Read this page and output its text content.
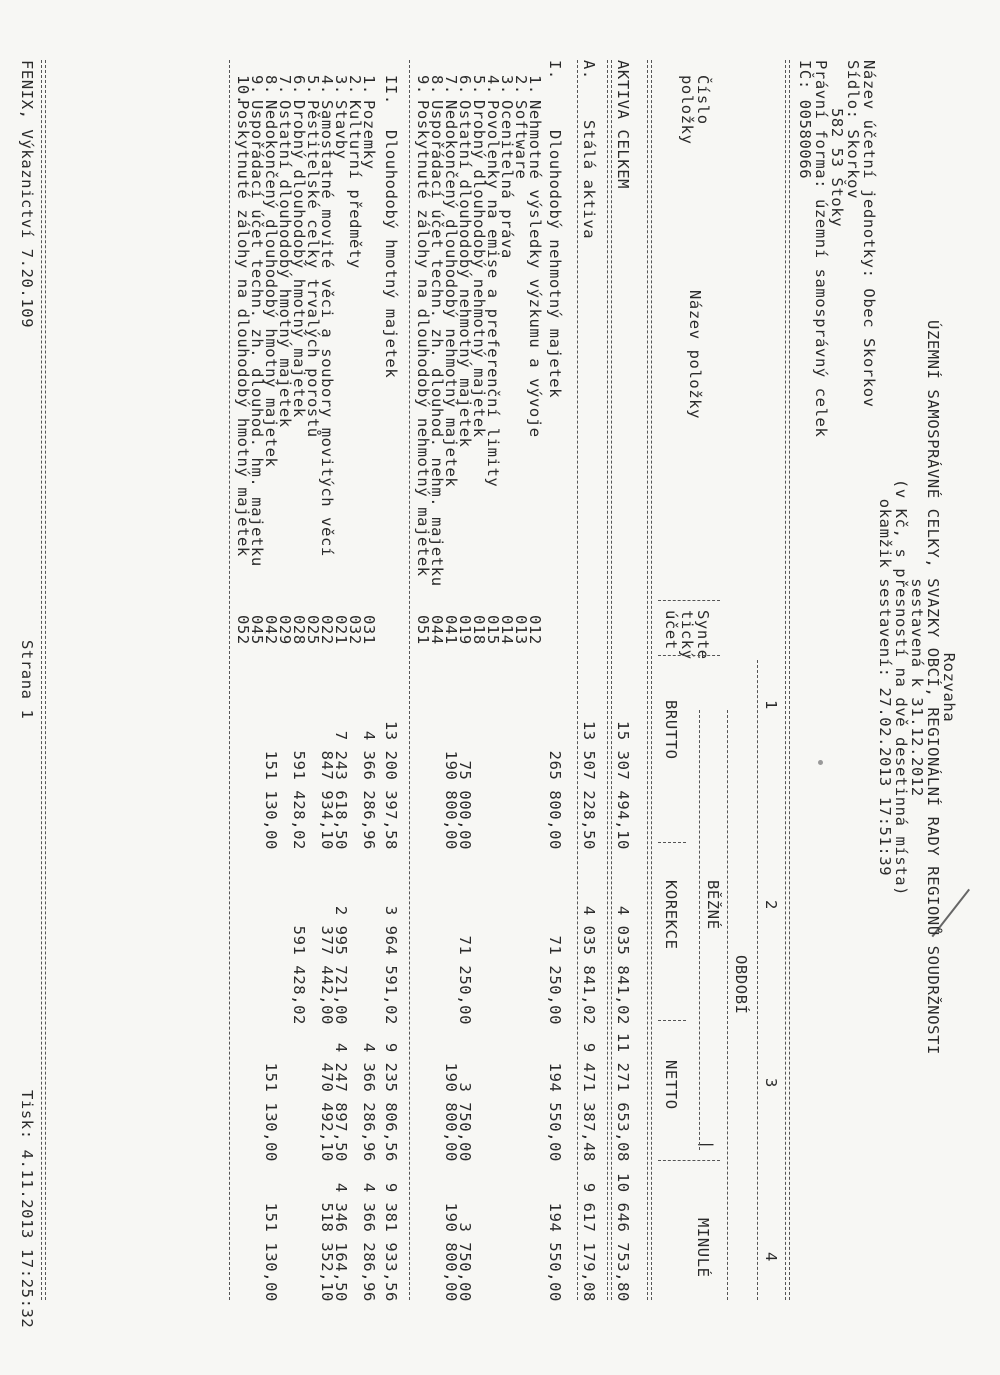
Rozvaha
ÚZEMNÍ SAMOSPRÁVNÉ CELKY, SVAZKY OBCÍ, REGIONÁLNÍ RADY REGIONŮ SOUDRŽNOSTI
sestavená k 31.12.2012
(v Kč, s přesností na dvě desetinná místa)
okamžik sestavení: 27.02.2013 17:51:39
Název účetní jednotky: Obec Skorkov
Sídlo: Skorkov
582 53 Štoky
Právní forma: územní samosprávný celek
IČ: 00580066
1
2
3
4
OBDOBÍ
BĚŽNÉ
MINULÉ
|
Číslo
položky
Název položky
Synte
tický
účet
BRUTTO
KOREKCE
NETTO
AKTIVA CELKEM
15 307 494,10
4 035 841,02
11 271 653,08
10 646 753,80
A.
Stálá aktiva
13 507 228,50
4 035 841,02
9 471 387,48
9 617 179,08
I.
Dlouhodobý nehmotný majetek
265 800,00
71 250,00
194 550,00
194 550,00
1.
Nehmotné výsledky výzkumu a vývoje
012
2.
Software
013
3.
Ocenitelná práva
014
4.
Povolenky na emise a preferenční limity
015
5.
Drobný dlouhodobý nehmotný majetek
018
6.
Ostatní dlouhodobý nehmotný majetek
019
75 000,00
71 250,00
3 750,00
3 750,00
7.
Nedokončený dlouhodobý nehmotný majetek
041
190 800,00
190 800,00
190 800,00
8.
Uspořádací účet techn. zh. dlouhod. nehm. majetku
044
9.
Poskytnuté zálohy na dlouhodobý nehmotný majetek
051
II.
Dlouhodobý hmotný majetek
13 200 397,58
3 964 591,02
9 235 806,56
9 381 933,56
1.
Pozemky
031
4 366 286,96
4 366 286,96
4 366 286,96
2.
Kulturní předměty
032
3.
Stavby
021
7 243 618,50
2 995 721,00
4 247 897,50
4 346 164,50
4.
Samostatné movité věci a soubory movitých věcí
022
847 934,10
377 442,00
470 492,10
518 352,10
5.
Pěstitelské celky trvalých porostů
025
6.
Drobný dlouhodobý hmotný majetek
028
591 428,02
591 428,02
7.
Ostatní dlouhodobý hmotný majetek
029
8.
Nedokončený dlouhodobý hmotný majetek
042
151 130,00
151 130,00
151 130,00
9.
Uspořádací účet techn. zh. dlouhod. hm. majetku
045
10.
Poskytnuté zálohy na dlouhodobý hmotný majetek
052
FENIX, Výkaznictví 7.20.109
Strana 1
Tisk: 4.11.2013 17:25:32
